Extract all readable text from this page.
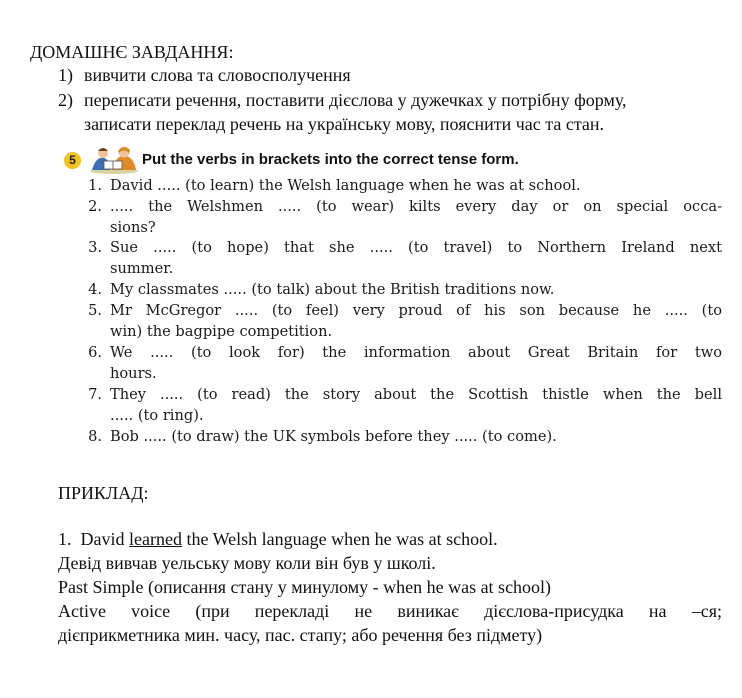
ДОМАШНЄ ЗАВДАННЯ:
1) вивчити слова та словосполучення
2) переписати речення, поставити дієслова у дужечках у потрібну форму,
записати переклад речень на українську мову, пояснити час та стан.
5	Put the verbs in brackets into the correct tense form.
1. David ..... (to learn) the Welsh language when he was at school.
2. ..... the Welshmen ..... (to wear) kilts every day or on special occa-
sions?
3. Sue ..... (to hope) that she ..... (to travel) to Northern Ireland next
summer.
4. My classmates ..... (to talk) about the British traditions now.
5. Mr McGregor ..... (to feel) very proud of his son because he ..... (to
win) the bagpipe competition.
6. We ..... (to look for) the information about Great Britain for two
hours.
7. They ..... (to read) the story about the Scottish thistle when the bell
..... (to ring).
8. Bob ..... (to draw) the UK symbols before they ..... (to come).
ПРИКЛАД:
1.  David learned the Welsh language when he was at school.
Девід вивчав уельську мову коли він був у школі.
Past Simple (описання стану у минулому - when he was at school)
Active voice (при перекладі не виникає дієслова-присудка на –ся;
дієприкметника мин. часу, пас. стапу; або речення без підмету)
